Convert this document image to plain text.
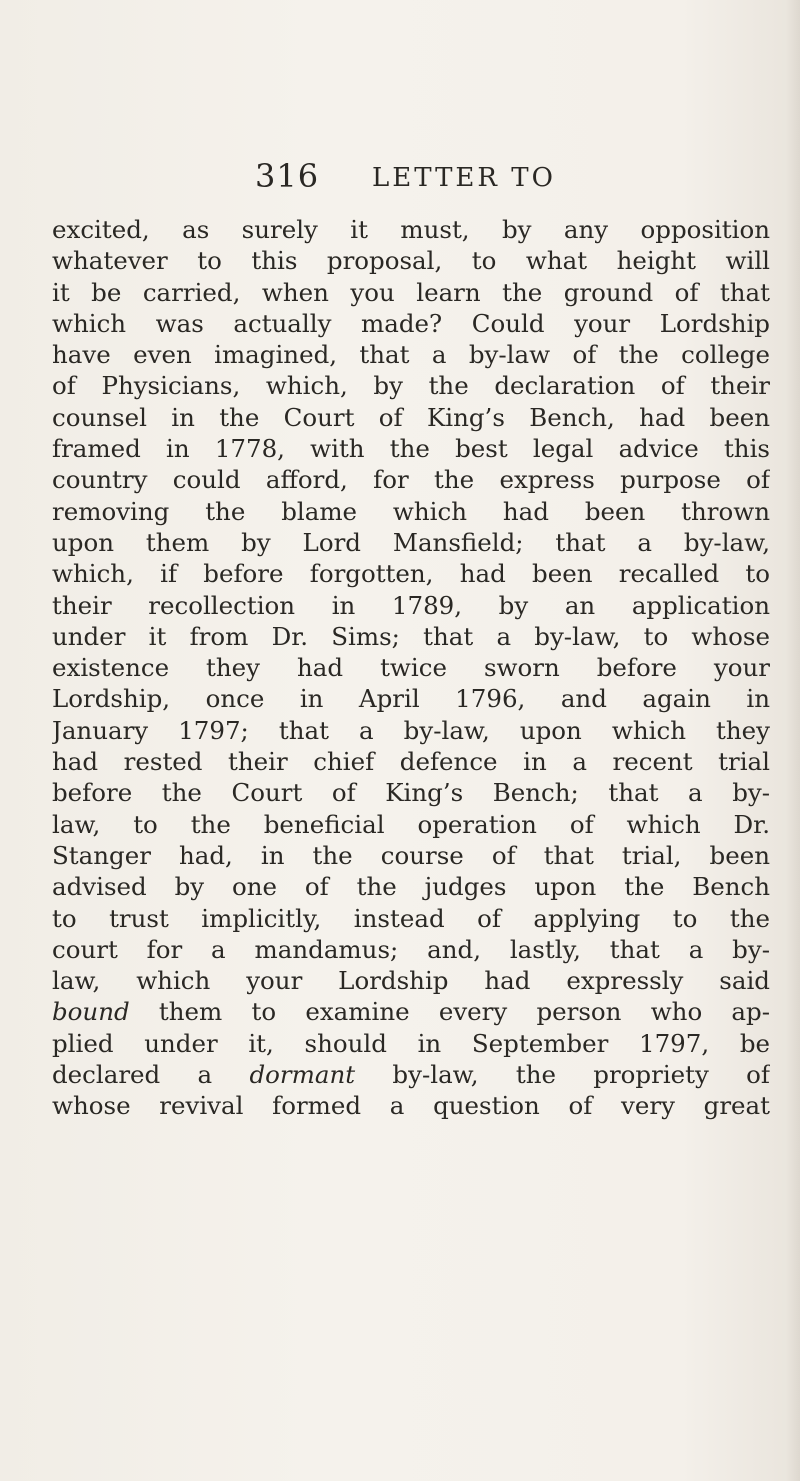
316 LETTER TO
excited, as surely it must, by any opposition
whatever to this proposal, to what height will
it be carried, when you learn the ground of that
which was actually made? Could your Lordship
have even imagined, that a by-law of the college
of Physicians, which, by the declaration of their
counsel in the Court of King’s Bench, had been
framed in 1778, with the best legal advice this
country could afford, for the express purpose of
removing the blame which had been thrown
upon them by Lord Mansfield; that a by-law,
which, if before forgotten, had been recalled to
their recollection in 1789, by an application
under it from Dr. Sims; that a by-law, to whose
existence they had twice sworn before your
Lordship, once in April 1796, and again in
January 1797; that a by-law, upon which they
had rested their chief defence in a recent trial
before the Court of King’s Bench; that a by-
law, to the beneficial operation of which Dr.
Stanger had, in the course of that trial, been
advised by one of the judges upon the Bench
to trust implicitly, instead of applying to the
court for a mandamus; and, lastly, that a by-
law, which your Lordship had expressly said
bound them to examine every person who ap-
plied under it, should in September 1797, be
declared a dormant by-law, the propriety of
whose revival formed a question of very great
